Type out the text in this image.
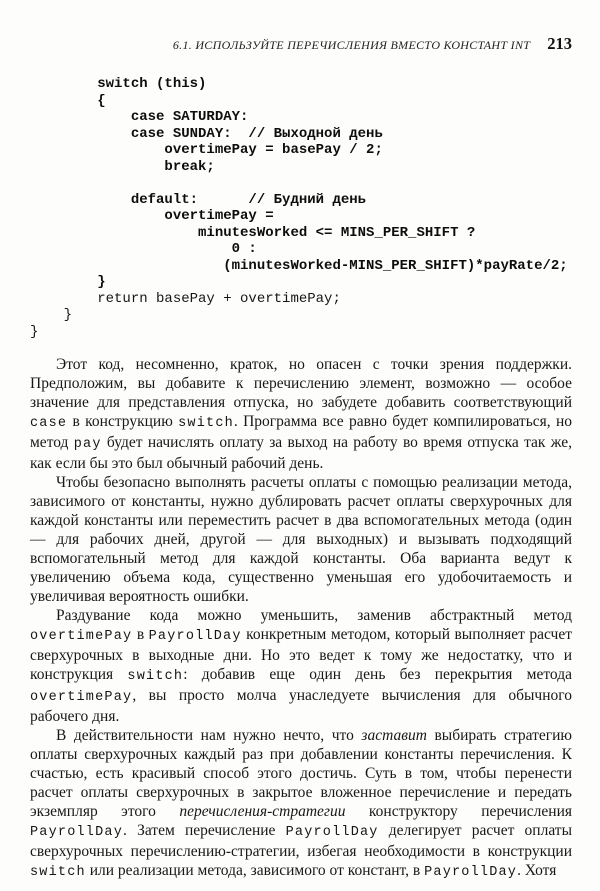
6.1. ИСПОЛЬЗУЙТЕ ПЕРЕЧИСЛЕНИЯ ВМЕСТО КОНСТАНТ INT 213
switch (this)
{
case SATURDAY:
case SUNDAY:  // Выходной день
overtimePay = basePay / 2;
break;

default:      // Будний день
overtimePay =
minutesWorked <= MINS_PER_SHIFT ?
0 :
(minutesWorked-MINS_PER_SHIFT)*payRate/2;
}
return basePay + overtimePay;
}
}

Этот код, несомненно, краток, но опасен с точки зрения поддержки. Предположим, вы добавите к перечислению элемент, возможно — особое значение для представления отпуска, но забудете добавить соответствующий case в конструкцию switch. Программа все равно будет компилироваться, но метод pay будет начислять оплату за выход на работу во время отпуска так же, как если бы это был обычный рабочий день.

Чтобы безопасно выполнять расчеты оплаты с помощью реализации метода, зависимого от константы, нужно дублировать расчет оплаты сверхурочных для каждой константы или переместить расчет в два вспомогательных метода (один — для рабочих дней, другой — для выходных) и вызывать подходящий вспомогательный метод для каждой константы. Оба варианта ведут к увеличению объема кода, существенно уменьшая его удобочитаемость и увеличивая вероятность ошибки.

Раздувание кода можно уменьшить, заменив абстрактный метод overtimePay в PayrollDay конкретным методом, который выполняет расчет сверхурочных в выходные дни. Но это ведет к тому же недостатку, что и конструкция switch: добавив еще один день без перекрытия метода overtimePay, вы просто молча унаследуете вычисления для обычного рабочего дня.

В действительности нам нужно нечто, что заставит выбирать стратегию оплаты сверхурочных каждый раз при добавлении константы перечисления. К счастью, есть красивый способ этого достичь. Суть в том, чтобы перенести расчет оплаты сверхурочных в закрытое вложенное перечисление и передать экземпляр этого перечисления-стратегии конструктору перечисления PayrollDay. Затем перечисление PayrollDay делегирует расчет оплаты сверхурочных перечислению-стратегии, избегая необходимости в конструкции switch или реализации метода, зависимого от констант, в PayrollDay. Хотя
